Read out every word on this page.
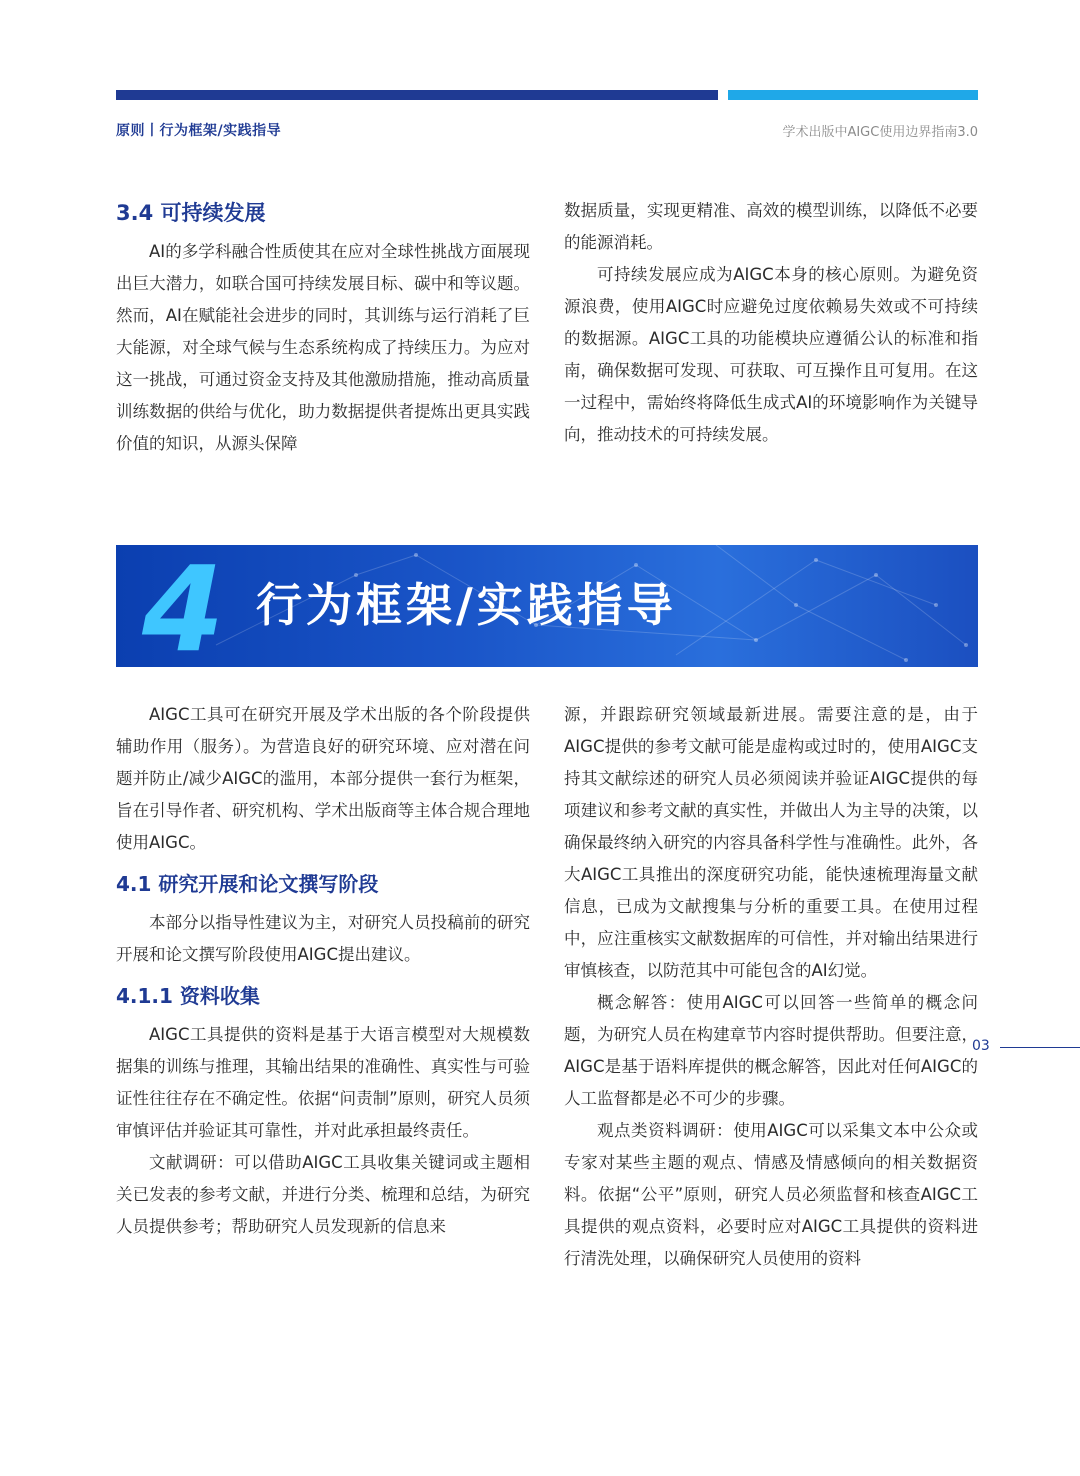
原则丨行为框架/实践指导	学术出版中AIGC使用边界指南3.0
3.4 可持续发展

AI的多学科融合性质使其在应对全球性挑战方面展现出巨大潜力，如联合国可持续发展目标、碳中和等议题。然而，AI在赋能社会进步的同时，其训练与运行消耗了巨大能源，对全球气候与生态系统构成了持续压力。为应对这一挑战，可通过资金支持及其他激励措施，推动高质量训练数据的供给与优化，助力数据提供者提炼出更具实践价值的知识，从源头保障

数据质量，实现更精准、高效的模型训练，以降低不必要的能源消耗。

可持续发展应成为AIGC本身的核心原则。为避免资源浪费，使用AIGC时应避免过度依赖易失效或不可持续的数据源。AIGC工具的功能模块应遵循公认的标准和指南，确保数据可发现、可获取、可互操作且可复用。在这一过程中，需始终将降低生成式AI的环境影响作为关键导向，推动技术的可持续发展。

4 行为框架/实践指导

AIGC工具可在研究开展及学术出版的各个阶段提供辅助作用（服务）。为营造良好的研究环境、应对潜在问题并防止/减少AIGC的滥用，本部分提供一套行为框架，旨在引导作者、研究机构、学术出版商等主体合规合理地使用AIGC。

4.1 研究开展和论文撰写阶段

本部分以指导性建议为主，对研究人员投稿前的研究开展和论文撰写阶段使用AIGC提出建议。

4.1.1 资料收集

AIGC工具提供的资料是基于大语言模型对大规模数据集的训练与推理，其输出结果的准确性、真实性与可验证性往往存在不确定性。依据“问责制”原则，研究人员须审慎评估并验证其可靠性，并对此承担最终责任。

文献调研：可以借助AIGC工具收集关键词或主题相关已发表的参考文献，并进行分类、梳理和总结，为研究人员提供参考；帮助研究人员发现新的信息来

源，并跟踪研究领域最新进展。需要注意的是，由于AIGC提供的参考文献可能是虚构或过时的，使用AIGC支持其文献综述的研究人员必须阅读并验证AIGC提供的每项建议和参考文献的真实性，并做出人为主导的决策，以确保最终纳入研究的内容具备科学性与准确性。此外，各大AIGC工具推出的深度研究功能，能快速梳理海量文献信息，已成为文献搜集与分析的重要工具。在使用过程中，应注重核实文献数据库的可信性，并对输出结果进行审慎核查，以防范其中可能包含的AI幻觉。

概念解答：使用AIGC可以回答一些简单的概念问题，为研究人员在构建章节内容时提供帮助。但要注意，AIGC是基于语料库提供的概念解答，因此对任何AIGC的人工监督都是必不可少的步骤。

观点类资料调研：使用AIGC可以采集文本中公众或专家对某些主题的观点、情感及情感倾向的相关数据资料。依据“公平”原则，研究人员必须监督和核查AIGC工具提供的观点资料，必要时应对AIGC工具提供的资料进行清洗处理，以确保研究人员使用的资料

03
